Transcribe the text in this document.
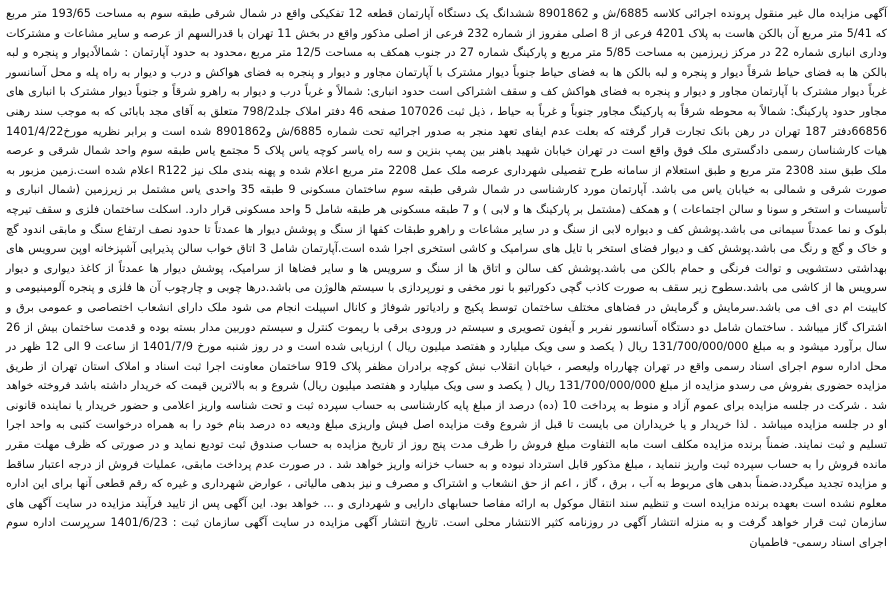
آگهی مزایده مال غیر منقول پرونده اجرائی کلاسه 6885/ش و 8901862 ششدانگ یک دستگاه آپارتمان قطعه 12 تفکیکی واقع در شمال شرقی طبقه سوم به مساحت 193/65 متر مربع که 5/41 متر مربع آن بالکن هاست به پلاک 4201 فرعی از 8 اصلی مفروز از شماره 232 فرعی از اصلی مذکور واقع در بخش 11 تهران با قدرالسهم از عرصه و سایر مشاعات و مشترکات وداری انباری شماره 22 در مرکز زیرزمین به مساحت 5/85 متر مربع و پارکینگ شماره 27 در جنوب همکف به مساحت 12/5 متر مربع ،محدود به حدود آپارتمان : شمالاًدیوار و پنجره و لبه بالکن ها به فضای حیاط شرقاً دیوار و پنجره و لبه بالکن ها به فضای حیاط جنوباً دیوار مشترک با آپارتمان مجاور و دیوار و پنجره به فضای هواکش و درب و دیوار به راه پله و محل آسانسور غرباً دیوار مشترک با آپارتمان مجاور و دیوار و پنجره به فضای هواکش کف و سقف اشتراکی است حدود انباری: شمالاً و غرباً درب و دیوار به راهرو شرقاً و جنوباً دیوار مشترک با انباری های مجاور حدود پارکینگ: شمالاً به محوطه شرقاً به پارکینگ مجاور جنوباً و غرباً به حیاط ، ذیل ثبت 107026 صفحه 46 دفتر املاک جلد798/2 متعلق به آقای مجد بابائی که به موجب سند رهنی 66856دفتر 187 تهران در رهن بانک تجارت قرار گرفته که بعلت عدم ایفای تعهد منجر به صدور اجرائیه تحت شماره 6885/ش و8901862 شده است و برابر نظریه مورخ1401/4/22 هیات کارشناسان رسمی دادگستری ملک فوق واقع است در تهران خیابان شهید باهنر بین پمپ بنزین و سه راه یاسر کوچه یاس پلاک 5 مجتمع یاس طبقه سوم واحد شمال شرقی و عرصه ملک طبق سند 2308 متر مربع و طبق استعلام از سامانه طرح تفصیلی شهرداری عرصه ملک عمل 2208 متر مربع اعلام شده و پهنه بندی ملک نیز R122 اعلام شده است.زمین مزبور به صورت شرقی و شمالی به خیابان یاس می باشد. آپارتمان مورد کارشناسی در شمال شرقی طبقه سوم ساختمان مسکونی 9 طبقه 35 واحدی یاس مشتمل بر زیرزمین (شمال انباری و تأسیسات و استخر و سونا و سالن اجتماعات ) و همکف (مشتمل بر پارکینگ ها و لابی ) و 7 طبقه مسکونی هر طبقه شامل 5 واحد مسکونی قرار دارد. اسکلت ساختمان فلزی و سقف تیرچه بلوک و نما عمدتاً سیمانی می باشد.پوشش کف و دیواره لابی از سنگ و در سایر مشاعات و راهرو طبقات کفها از سنگ و پوشش دیوار ها عمدتاً تا حدود نصف ارتفاع سنگ و مابقی اندود گچ و خاک و گچ و رنگ می باشد.پوشش کف و دیوار فضای استخر با تایل های سرامیک و کاشی استخری اجرا شده است.آپارتمان شامل 3 اتاق خواب سالن پذیرایی آشپزخانه اوپن سرویس های بهداشتی دستشویی و توالت فرنگی و حمام بالکن می باشد.پوشش کف سالن و اتاق ها از سنگ و سرویس ها و سایر فضاها از سرامیک، پوشش دیوار ها عمدتاً از کاغذ دیواری و دیوار سرویس ها از کاشی می باشد.سطوح زیر سقف به صورت کاذب گچی دکوراتیو با نور مخفی و نورپردازی با سیستم هالوژن می باشد.درها چوبی و چارچوب آن ها فلزی و پنجره آلومینیومی و کابینت ام دی اف می باشد.سرمایش و گرمایش در فضاهای مختلف ساختمان توسط پکیج و رادیاتور شوفاژ و کانال اسپیلت انجام می شود ملک دارای انشعاب اختصاصی و عمومی برق و اشتراک گاز میباشد . ساختمان شامل دو دستگاه آسانسور نفربر و آیفون تصویری و سیستم در ورودی برقی با ریموت کنترل و سیستم دوربین مدار بسته بوده و قدمت ساختمان بیش از 26 سال برآورد میشود و به مبلغ 131/700/000/000 ریال ( یکصد و سی ویک میلیارد و هفتصد میلیون ریال ) ارزیابی شده است و در روز شنبه مورخ 1401/7/9 از ساعت 9 الی 12 ظهر در محل اداره سوم اجرای اسناد رسمی واقع در تهران چهارراه ولیعصر ، خیابان انقلاب نبش کوچه برادران مظفر پلاک 919 ساختمان معاونت اجرا ثبت اسناد و املاک استان تهران از طریق مزایده حضوری بفروش می رسدو مزایده از مبلغ 131/700/000/000 ریال ( یکصد و سی ویک میلیارد و هفتصد میلیون ریال) شروع و به بالاترین قیمت که خریدار داشته باشد فروخته خواهد شد . شرکت در جلسه مزایده برای عموم آزاد و منوط به پرداخت 10 (ده) درصد از مبلغ پایه کارشناسی به حساب سپرده ثبت و تحت شناسه واریز اعلامی و حضور خریدار یا نماینده قانونی او در جلسه مزایده میباشد . لذا خریدار و یا خریداران می بایست تا قبل از شروع وقت مزایده اصل فیش واریزی مبلغ ودیعه ده درصد بنام خود را به همراه درخواست کتبی به واحد اجرا تسلیم و ثبت نمایند. ضمناً برنده مزایده مکلف است مابه التفاوت مبلغ فروش را ظرف مدت پنج روز از تاریخ مزایده به حساب صندوق ثبت تودیع نماید و در صورتی که ظرف مهلت مقرر مانده فروش را به حساب سپرده ثبت واریز ننماید ، مبلغ مذکور قابل استرداد نبوده و به حساب خزانه واریز خواهد شد . در صورت عدم پرداخت مابقی، عملیات فروش از درجه اعتبار ساقط و مزایده تجدید میگردد.ضمناً بدهی های مربوط به آب ، برق ، گاز ، اعم از حق انشعاب و اشتراک و مصرف و نیز بدهی مالیاتی ، عوارض شهرداری و غیره که رقم قطعی آنها برای این اداره معلوم نشده است بعهده برنده مزایده است و تنظیم سند انتقال موکول به ارائه مفاصا حسابهای دارایی و شهرداری و ... خواهد بود. این آگهی پس از تایید فرآیند مزایده در سایت آگهی های سازمان ثبت قرار خواهد گرفت و به منزله انتشار آگهی در روزنامه کثیر الانتشار محلی است. تاریخ انتشار آگهی مزایده در سایت آگهی سازمان ثبت : 1401/6/23 سرپرست اداره سوم اجرای اسناد رسمی- فاطمیان
